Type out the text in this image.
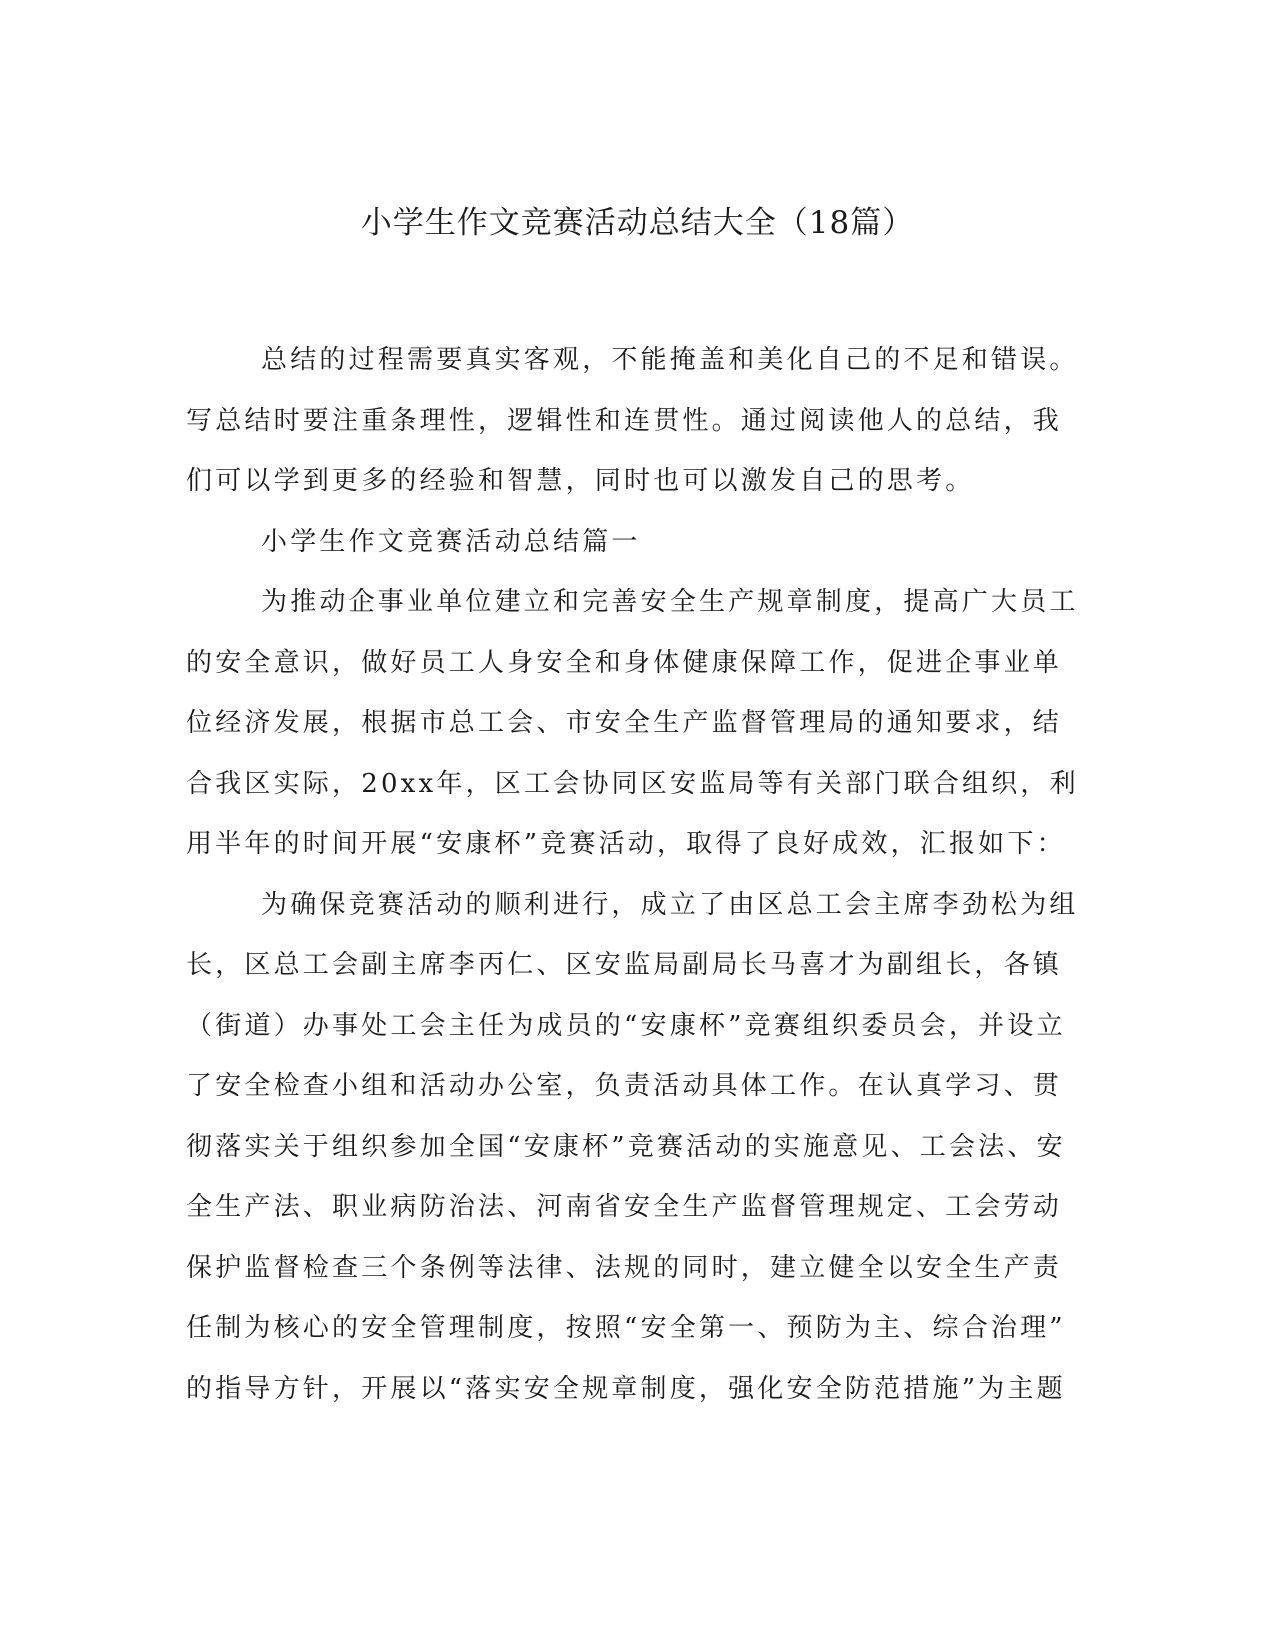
小学生作文竞赛活动总结大全（18篇）
总结的过程需要真实客观，不能掩盖和美化自己的不足和错误。
写总结时要注重条理性，逻辑性和连贯性。通过阅读他人的总结，我
们可以学到更多的经验和智慧，同时也可以激发自己的思考。

小学生作文竞赛活动总结篇一

为推动企事业单位建立和完善安全生产规章制度，提高广大员工
的安全意识，做好员工人身安全和身体健康保障工作，促进企事业单
位经济发展，根据市总工会、市安全生产监督管理局的通知要求，结
合我区实际，20xx年，区工会协同区安监局等有关部门联合组织，利
用半年的时间开展“安康杯”竞赛活动，取得了良好成效，汇报如下：
为确保竞赛活动的顺利进行，成立了由区总工会主席李劲松为组
长，区总工会副主席李丙仁、区安监局副局长马喜才为副组长，各镇
（街道）办事处工会主任为成员的“安康杯”竞赛组织委员会，并设立
了安全检查小组和活动办公室，负责活动具体工作。在认真学习、贯
彻落实关于组织参加全国“安康杯”竞赛活动的实施意见、工会法、安
全生产法、职业病防治法、河南省安全生产监督管理规定、工会劳动
保护监督检查三个条例等法律、法规的同时，建立健全以安全生产责
任制为核心的安全管理制度，按照“安全第一、预防为主、综合治理”
的指导方针，开展以“落实安全规章制度，强化安全防范措施”为主题
